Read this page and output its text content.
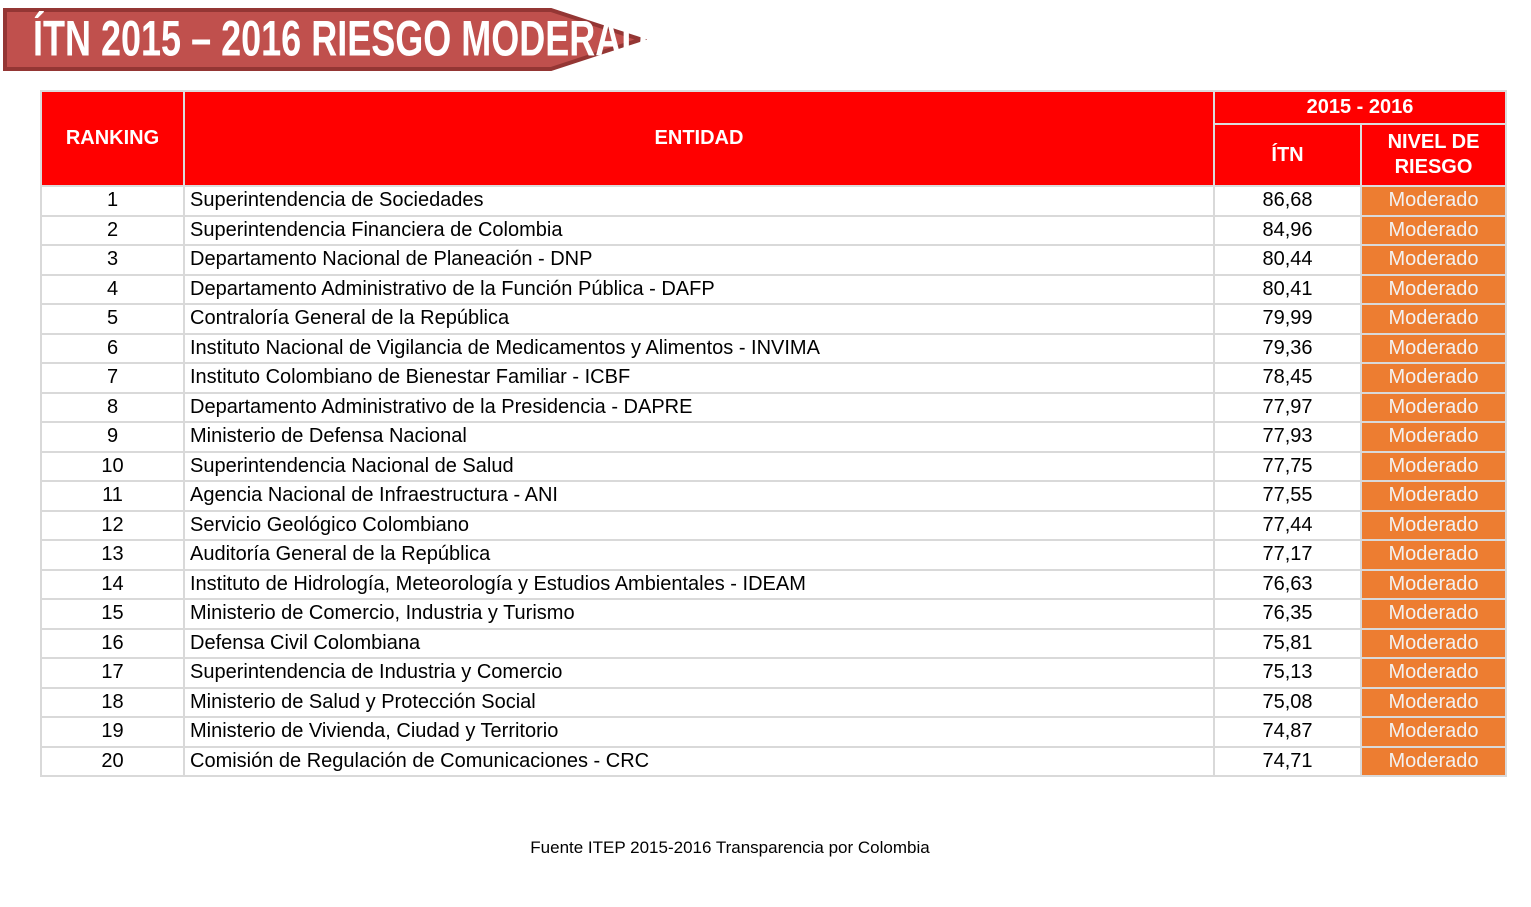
ÍTN 2015 – 2016 RIESGO MODERADO
RANKING	ENTIDAD	2015 - 2016	
		ÍTN	NIVEL DE RIESGO
1	Superintendencia de Sociedades	86,68	Moderado
2	Superintendencia Financiera de Colombia	84,96	Moderado
3	Departamento Nacional de Planeación - DNP	80,44	Moderado
4	Departamento Administrativo de la Función Pública - DAFP	80,41	Moderado
5	Contraloría General de la República	79,99	Moderado
6	Instituto Nacional de Vigilancia de Medicamentos y Alimentos - INVIMA	79,36	Moderado
7	Instituto Colombiano de Bienestar Familiar - ICBF	78,45	Moderado
8	Departamento Administrativo de la Presidencia - DAPRE	77,97	Moderado
9	Ministerio de Defensa Nacional	77,93	Moderado
10	Superintendencia Nacional de Salud	77,75	Moderado
11	Agencia Nacional de Infraestructura - ANI	77,55	Moderado
12	Servicio Geológico Colombiano	77,44	Moderado
13	Auditoría General de la República	77,17	Moderado
14	Instituto de Hidrología, Meteorología y Estudios Ambientales - IDEAM	76,63	Moderado
15	Ministerio de Comercio, Industria y Turismo	76,35	Moderado
16	Defensa Civil Colombiana	75,81	Moderado
17	Superintendencia de Industria y Comercio	75,13	Moderado
18	Ministerio de Salud y Protección Social	75,08	Moderado
19	Ministerio de Vivienda, Ciudad y Territorio	74,87	Moderado
20	Comisión de Regulación de Comunicaciones - CRC	74,71	Moderado
Fuente ITEP 2015-2016 Transparencia por Colombia
